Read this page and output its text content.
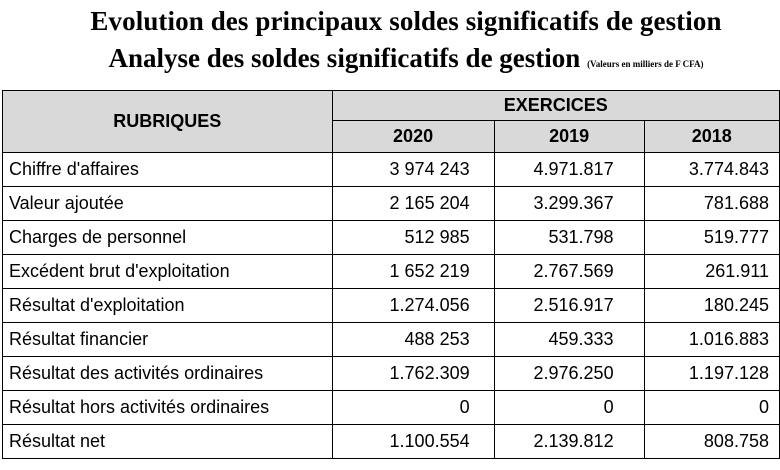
Evolution des principaux soldes significatifs de gestion
Analyse des soldes significatifs de gestion (Valeurs en milliers de F CFA)
RUBRIQUES	EXERCICES		
	2020	2019	2018
Chiffre d'affaires	3 974 243	4.971.817	3.774.843
Valeur ajoutée	2 165 204	3.299.367	781.688
Charges de personnel	512 985	531.798	519.777
Excédent brut d'exploitation	1 652 219	2.767.569	261.911
Résultat d'exploitation	1.274.056	2.516.917	180.245
Résultat financier	488 253	459.333	1.016.883
Résultat des activités ordinaires	1.762.309	2.976.250	1.197.128
Résultat hors activités ordinaires	0	0	0
Résultat net	1.100.554	2.139.812	808.758
